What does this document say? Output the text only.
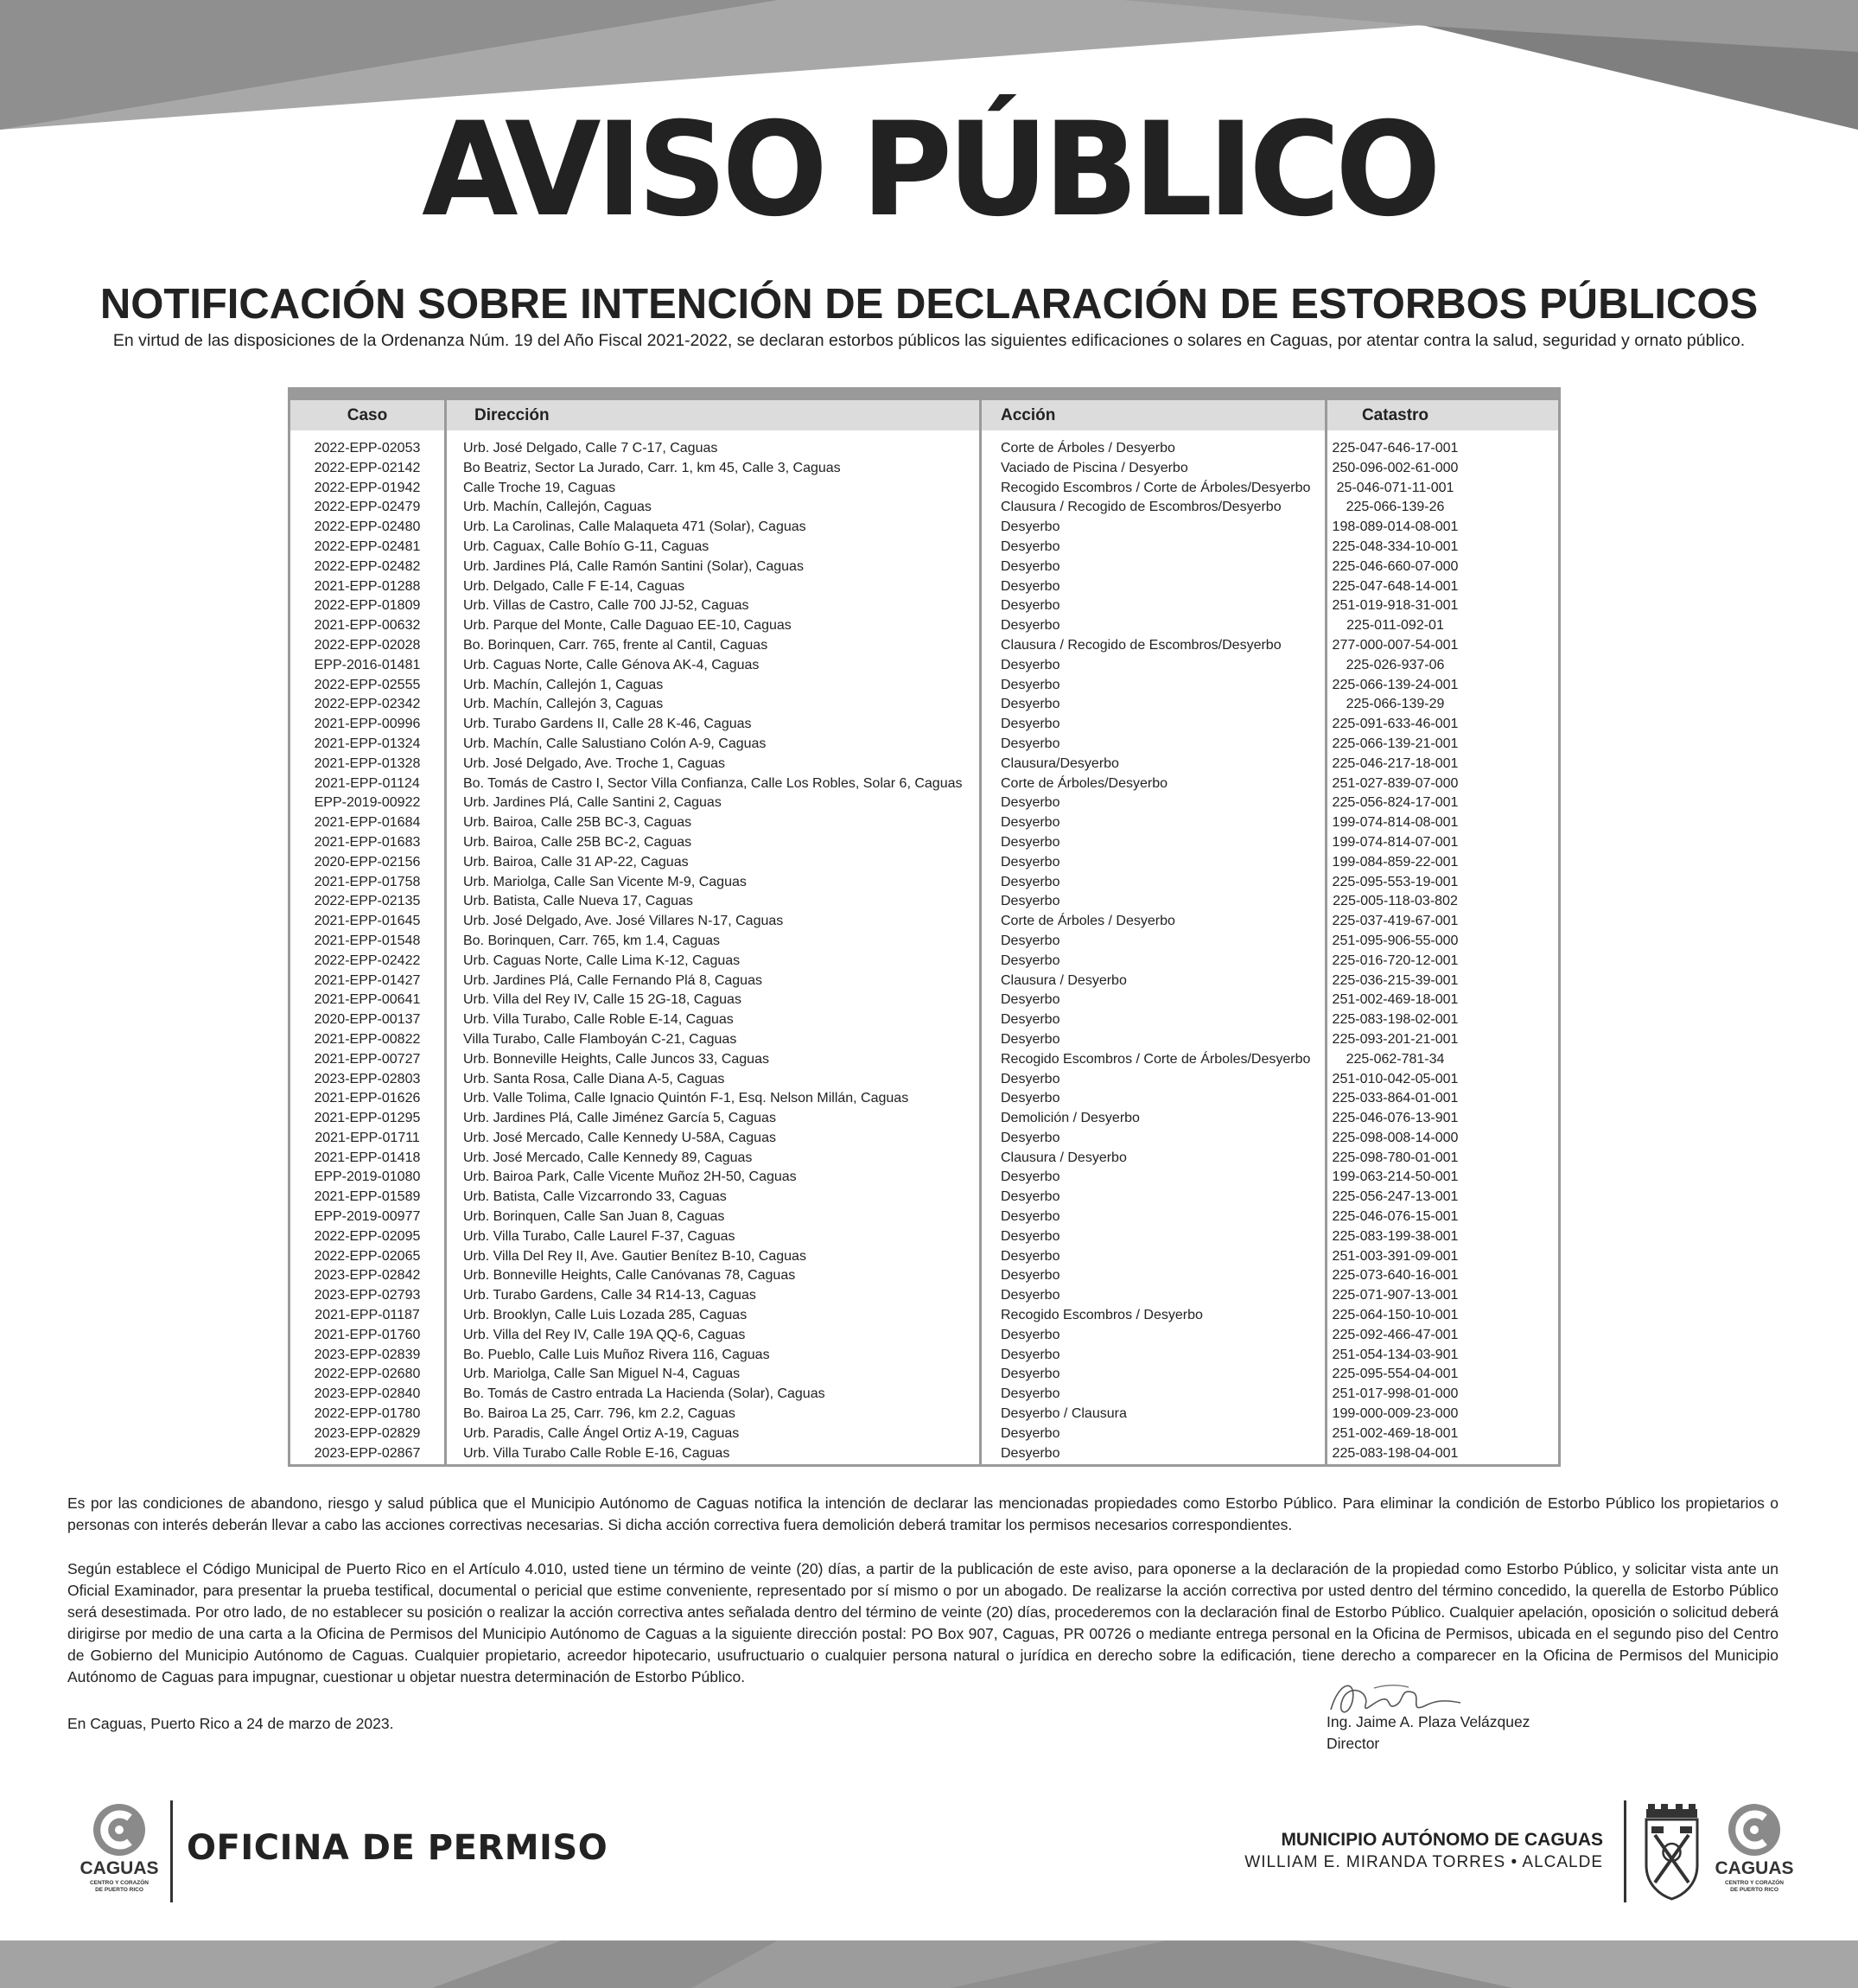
AVISO PÚBLICO
NOTIFICACIÓN SOBRE INTENCIÓN DE DECLARACIÓN DE ESTORBOS PÚBLICOS
En virtud de las disposiciones de la Ordenanza Núm. 19 del Año Fiscal 2021-2022, se declaran estorbos públicos las siguientes edificaciones o solares en Caguas, por atentar contra la salud, seguridad y ornato público.
Caso	Dirección	Acción	Catastro
2022-EPP-02053	Urb. José Delgado, Calle 7 C-17, Caguas	Corte de Árboles / Desyerbo	225-047-646-17-001
2022-EPP-02142	Bo Beatriz, Sector La Jurado, Carr. 1, km 45, Calle 3, Caguas	Vaciado de Piscina / Desyerbo	250-096-002-61-000
2022-EPP-01942	Calle Troche 19, Caguas	Recogido Escombros / Corte de Árboles/Desyerbo	25-046-071-11-001
2022-EPP-02479	Urb. Machín, Callejón, Caguas	Clausura / Recogido de Escombros/Desyerbo	225-066-139-26
2022-EPP-02480	Urb. La Carolinas, Calle Malaqueta 471 (Solar), Caguas	Desyerbo	198-089-014-08-001
2022-EPP-02481	Urb. Caguax, Calle Bohío G-11, Caguas	Desyerbo	225-048-334-10-001
2022-EPP-02482	Urb. Jardines Plá, Calle Ramón Santini (Solar), Caguas	Desyerbo	225-046-660-07-000
2021-EPP-01288	Urb. Delgado, Calle F E-14, Caguas	Desyerbo	225-047-648-14-001
2022-EPP-01809	Urb. Villas de Castro, Calle 700 JJ-52, Caguas	Desyerbo	251-019-918-31-001
2021-EPP-00632	Urb. Parque del Monte, Calle Daguao EE-10, Caguas	Desyerbo	225-011-092-01
2022-EPP-02028	Bo. Borinquen, Carr. 765, frente al Cantil, Caguas	Clausura / Recogido de Escombros/Desyerbo	277-000-007-54-001
EPP-2016-01481	Urb. Caguas Norte, Calle Génova AK-4, Caguas	Desyerbo	225-026-937-06
2022-EPP-02555	Urb. Machín, Callejón 1, Caguas	Desyerbo	225-066-139-24-001
2022-EPP-02342	Urb. Machín, Callejón 3, Caguas	Desyerbo	225-066-139-29
2021-EPP-00996	Urb. Turabo Gardens II, Calle 28 K-46, Caguas	Desyerbo	225-091-633-46-001
2021-EPP-01324	Urb. Machín, Calle Salustiano Colón A-9, Caguas	Desyerbo	225-066-139-21-001
2021-EPP-01328	Urb. José Delgado, Ave. Troche 1, Caguas	Clausura/Desyerbo	225-046-217-18-001
2021-EPP-01124	Bo. Tomás de Castro I, Sector Villa Confianza, Calle Los Robles, Solar 6, Caguas	Corte de Árboles/Desyerbo	251-027-839-07-000
EPP-2019-00922	Urb. Jardines Plá, Calle Santini 2, Caguas	Desyerbo	225-056-824-17-001
2021-EPP-01684	Urb. Bairoa, Calle 25B BC-3, Caguas	Desyerbo	199-074-814-08-001
2021-EPP-01683	Urb. Bairoa, Calle 25B BC-2, Caguas	Desyerbo	199-074-814-07-001
2020-EPP-02156	Urb. Bairoa, Calle 31 AP-22, Caguas	Desyerbo	199-084-859-22-001
2021-EPP-01758	Urb. Mariolga, Calle San Vicente M-9, Caguas	Desyerbo	225-095-553-19-001
2022-EPP-02135	Urb. Batista, Calle Nueva 17, Caguas	Desyerbo	225-005-118-03-802
2021-EPP-01645	Urb. José Delgado, Ave. José Villares N-17, Caguas	Corte de Árboles / Desyerbo	225-037-419-67-001
2021-EPP-01548	Bo. Borinquen, Carr. 765, km 1.4, Caguas	Desyerbo	251-095-906-55-000
2022-EPP-02422	Urb. Caguas Norte, Calle Lima K-12, Caguas	Desyerbo	225-016-720-12-001
2021-EPP-01427	Urb. Jardines Plá, Calle Fernando Plá 8, Caguas	Clausura / Desyerbo	225-036-215-39-001
2021-EPP-00641	Urb. Villa del Rey IV, Calle 15 2G-18, Caguas	Desyerbo	251-002-469-18-001
2020-EPP-00137	Urb. Villa Turabo, Calle Roble E-14, Caguas	Desyerbo	225-083-198-02-001
2021-EPP-00822	Villa Turabo, Calle Flamboyán C-21, Caguas	Desyerbo	225-093-201-21-001
2021-EPP-00727	Urb. Bonneville Heights, Calle Juncos 33, Caguas	Recogido Escombros / Corte de Árboles/Desyerbo	225-062-781-34
2023-EPP-02803	Urb. Santa Rosa, Calle Diana A-5, Caguas	Desyerbo	251-010-042-05-001
2021-EPP-01626	Urb. Valle Tolima, Calle Ignacio Quintón F-1, Esq. Nelson Millán, Caguas	Desyerbo	225-033-864-01-001
2021-EPP-01295	Urb. Jardines Plá, Calle Jiménez García 5, Caguas	Demolición / Desyerbo	225-046-076-13-901
2021-EPP-01711	Urb. José Mercado, Calle Kennedy U-58A, Caguas	Desyerbo	225-098-008-14-000
2021-EPP-01418	Urb. José Mercado, Calle Kennedy 89, Caguas	Clausura / Desyerbo	225-098-780-01-001
EPP-2019-01080	Urb. Bairoa Park, Calle Vicente Muñoz 2H-50, Caguas	Desyerbo	199-063-214-50-001
2021-EPP-01589	Urb. Batista, Calle Vizcarrondo 33, Caguas	Desyerbo	225-056-247-13-001
EPP-2019-00977	Urb. Borinquen, Calle San Juan 8, Caguas	Desyerbo	225-046-076-15-001
2022-EPP-02095	Urb. Villa Turabo, Calle Laurel F-37, Caguas	Desyerbo	225-083-199-38-001
2022-EPP-02065	Urb. Villa Del Rey II, Ave. Gautier Benítez B-10, Caguas	Desyerbo	251-003-391-09-001
2023-EPP-02842	Urb. Bonneville Heights, Calle Canóvanas 78, Caguas	Desyerbo	225-073-640-16-001
2023-EPP-02793	Urb. Turabo Gardens, Calle 34 R14-13, Caguas	Desyerbo	225-071-907-13-001
2021-EPP-01187	Urb. Brooklyn, Calle Luis Lozada 285, Caguas	Recogido Escombros / Desyerbo	225-064-150-10-001
2021-EPP-01760	Urb. Villa del Rey IV, Calle 19A QQ-6, Caguas	Desyerbo	225-092-466-47-001
2023-EPP-02839	Bo. Pueblo, Calle Luis Muñoz Rivera 116, Caguas	Desyerbo	251-054-134-03-901
2022-EPP-02680	Urb. Mariolga, Calle San Miguel N-4, Caguas	Desyerbo	225-095-554-04-001
2023-EPP-02840	Bo. Tomás de Castro entrada La Hacienda (Solar), Caguas	Desyerbo	251-017-998-01-000
2022-EPP-01780	Bo. Bairoa La 25, Carr. 796, km 2.2, Caguas	Desyerbo / Clausura	199-000-009-23-000
2023-EPP-02829	Urb. Paradis, Calle Ángel Ortiz A-19, Caguas	Desyerbo	251-002-469-18-001
2023-EPP-02867	Urb. Villa Turabo Calle Roble E-16, Caguas	Desyerbo	225-083-198-04-001
Es por las condiciones de abandono, riesgo y salud pública que el Municipio Autónomo de Caguas notifica la intención de declarar las mencionadas propiedades como Estorbo Público. Para eliminar la condición de Estorbo Público los propietarios o personas con interés deberán llevar a cabo las acciones correctivas necesarias. Si dicha acción correctiva fuera demolición deberá tramitar los permisos necesarios correspondientes.
Según establece el Código Municipal de Puerto Rico en el Artículo 4.010, usted tiene un término de veinte (20) días, a partir de la publicación de este aviso, para oponerse a la declaración de la propiedad como Estorbo Público, y solicitar vista ante un Oficial Examinador, para presentar la prueba testifical, documental o pericial que estime conveniente, representado por sí mismo o por un abogado. De realizarse la acción correctiva por usted dentro del término concedido, la querella de Estorbo Público será desestimada. Por otro lado, de no establecer su posición o realizar la acción correctiva antes señalada dentro del término de veinte (20) días, procederemos con la declaración final de Estorbo Público. Cualquier apelación, oposición o solicitud deberá dirigirse por medio de una carta a la Oficina de Permisos del Municipio Autónomo de Caguas a la siguiente dirección postal: PO Box 907, Caguas, PR 00726 o mediante entrega personal en la Oficina de Permisos, ubicada en el segundo piso del Centro de Gobierno del Municipio Autónomo de Caguas. Cualquier propietario, acreedor hipotecario, usufructuario o cualquier persona natural o jurídica en derecho sobre la edificación, tiene derecho a comparecer en la Oficina de Permisos del Municipio Autónomo de Caguas para impugnar, cuestionar u objetar nuestra determinación de Estorbo Público.
En Caguas, Puerto Rico a 24 de marzo de 2023.	Ing. Jaime A. Plaza Velázquez
Director
CAGUAS
CENTRO Y CORAZÓN
DE PUERTO RICO
OFICINA DE PERMISO	MUNICIPIO AUTÓNOMO DE CAGUAS
WILLIAM E. MIRANDA TORRES • ALCALDE	CAGUAS
CENTRO Y CORAZÓN
DE PUERTO RICO
